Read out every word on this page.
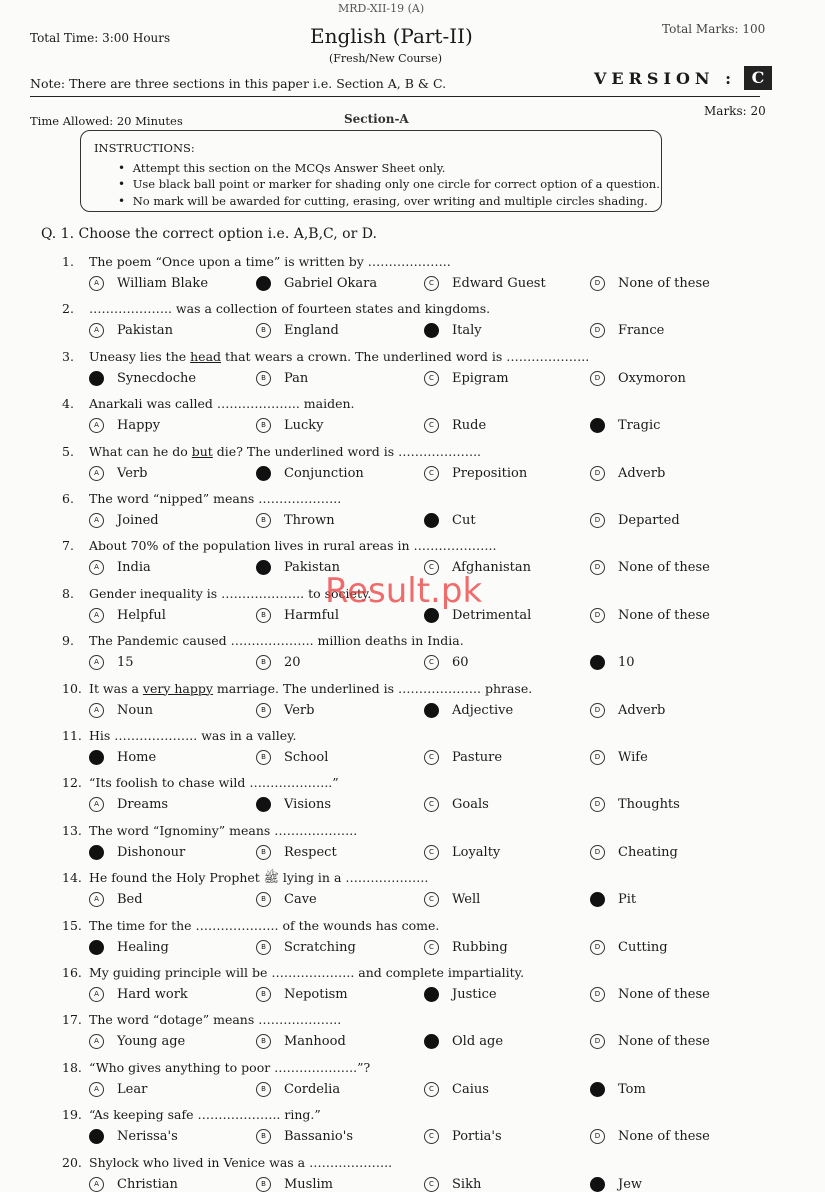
MRD-XII-19 (A)
Total Time: 3:00 Hours	English (Part-II)	Total Marks: 100
(Fresh/New Course)
Note: There are three sections in this paper i.e. Section A, B & C.	VERSION : C
Time Allowed: 20 Minutes	Section-A
Marks: 20
INSTRUCTIONS:
•  Attempt this section on the MCQs Answer Sheet only.
•  Use black ball point or marker for shading only one circle for correct option of a question.
•  No mark will be awarded for cutting, erasing, over writing and multiple circles shading.
Q. 1. Choose the correct option i.e. A,B,C, or D.
1. The poem “Once upon a time” is written by ………………..
A	William Blake	B	Gabriel Okara	C	Edward Guest	D	None of these
2. ……………….. was a collection of fourteen states and kingdoms.
A	Pakistan	B	England	C	Italy	D	France
3. Uneasy lies the head that wears a crown. The underlined word is ………………..
A	Synecdoche	B	Pan	C	Epigram	D	Oxymoron
4. Anarkali was called ……………….. maiden.
A	Happy	B	Lucky	C	Rude	D	Tragic
5. What can he do but die? The underlined word is ………………..
A	Verb	B	Conjunction	C	Preposition	D	Adverb
6. The word “nipped” means ………………..
A	Joined	B	Thrown	C	Cut	D	Departed
7. About 70% of the population lives in rural areas in ………………..
A	India	B	Pakistan	C	Afghanistan	D	None of these
8. Gender inequality is ……………….. to society.
A	Helpful	B	Harmful	C	Detrimental	D	None of these
9. The Pandemic caused ……………….. million deaths in India.
A	15	B	20	C	60	D	10
10. It was a very happy marriage. The underlined is ……………….. phrase.
A	Noun	B	Verb	C	Adjective	D	Adverb
11. His ……………….. was in a valley.
A	Home	B	School	C	Pasture	D	Wife
12. “Its foolish to chase wild ………………..”
A	Dreams	B	Visions	C	Goals	D	Thoughts
13. The word “Ignominy” means ………………..
A	Dishonour	B	Respect	C	Loyalty	D	Cheating
14. He found the Holy Prophet ﷺ lying in a ………………..
A	Bed	B	Cave	C	Well	D	Pit
15. The time for the ……………….. of the wounds has come.
A	Healing	B	Scratching	C	Rubbing	D	Cutting
16. My guiding principle will be ……………….. and complete impartiality.
A	Hard work	B	Nepotism	C	Justice	D	None of these
17. The word “dotage” means ………………..
A	Young age	B	Manhood	C	Old age	D	None of these
18. “Who gives anything to poor ………………..”?
A	Lear	B	Cordelia	C	Caius	D	Tom
19. “As keeping safe ……………….. ring.”
A	Nerissa's	B	Bassanio's	C	Portia's	D	None of these
20. Shylock who lived in Venice was a ………………..
A	Christian	B	Muslim	C	Sikh	D	Jew
Result.pk
